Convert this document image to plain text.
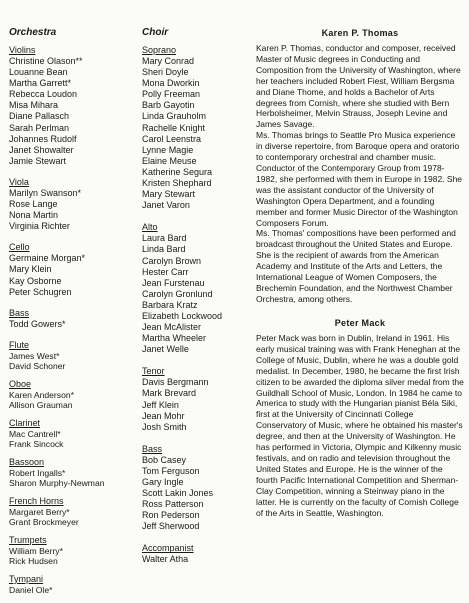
Orchestra
Violins
Christine Olason**
Louanne Bean
Martha Garrett*
Rebecca Loudon
Misa Mihara
Diane Pallasch
Sarah Perlman
Johannes Rudolf
Janet Showalter
Jamie Stewart
Viola
Marilyn Swanson*
Rose Lange
Nona Martin
Virginia Richter
Cello
Germaine Morgan*
Mary Klein
Kay Osborne
Peter Schugren
Bass
Todd Gowers*
Flute
James West*
David Schoner
Oboe
Karen Anderson*
Allison Grauman
Clarinet
Mac Cantrell*
Frank Sincock
Bassoon
Robert Ingalls*
Sharon Murphy-Newman
French Horns
Margaret Berry*
Grant Brockmeyer
Trumpets
William Berry*
Rick Hudsen
Tympani
Daniel Ole*
Choir
Soprano
Mary Conrad
Sheri Doyle
Mona Dworkin
Polly Freeman
Barb Gayotin
Linda Grauholm
Rachelle Knight
Carol Leenstra
Lynne Magie
Elaine Meuse
Katherine Segura
Kristen Shephard
Mary Stewart
Janet Varon
Alto
Laura Bard
Linda Bard
Carolyn Brown
Hester Carr
Jean Furstenau
Carolyn Gronlund
Barbara Kratz
Elizabeth Lockwood
Jean McAlister
Martha Wheeler
Janet Welle
Tenor
Davis Bergmann
Mark Brevard
Jeff Klein
Jean Mohr
Josh Smith
Bass
Bob Casey
Tom Ferguson
Gary Ingle
Scott Lakin Jones
Ross Patterson
Ron Pederson
Jeff Sherwood
Accompanist
Walter Atha
Karen P. Thomas

Karen P. Thomas, conductor and composer, received Master of Music degrees in Conducting and Composition from the University of Washington, where her teachers included Robert Fiest, William Bergsma and Diane Thome, and holds a Bachelor of Arts degrees from Cornish, where she studied with Bern Herbolsheimer, Melvin Strauss, Joseph Levine and James Savage.

Ms. Thomas brings to Seattle Pro Musica experience in diverse repertoire, from Baroque opera and oratorio to contemporary orchestral and chamber music. Conductor of the Contemporary Group from 1978-1982, she performed with them in Europe in 1982. She was the assistant conductor of the University of Washington Opera Department, and a founding member and former Music Director of the Washington Composers Forum.

Ms. Thomas' compositions have been performed and broadcast throughout the United States and Europe. She is the recipient of awards from the American Academy and Institute of the Arts and Letters, the International League of Women Composers, the Brechemin Foundation, and the Northwest Chamber Orchestra, among others.

Peter Mack

Peter Mack was born in Dublin, Ireland in 1961. His early musical training was with Frank Heneghan at the College of Music, Dublin, where he was a double gold medalist. In December, 1980, he became the first Irish citizen to be awarded the diploma silver medal from the Guildhall School of Music, London. In 1984 he came to America to study with the Hungarian pianist Béla Siki, first at the University of Cincinnati College Conservatory of Music, where he obtained his master's degree, and then at the University of Washington. He has performed in Victoria, Olympic and Kilkenny music festivals, and on radio and television throughout the United States and Europe. He is the winner of the fourth Pacific International Competition and Sherman-Clay Competition, winning a Steinway piano in the latter. He is currently on the faculty of Cornish College of the Arts in Seattle, Washington.
